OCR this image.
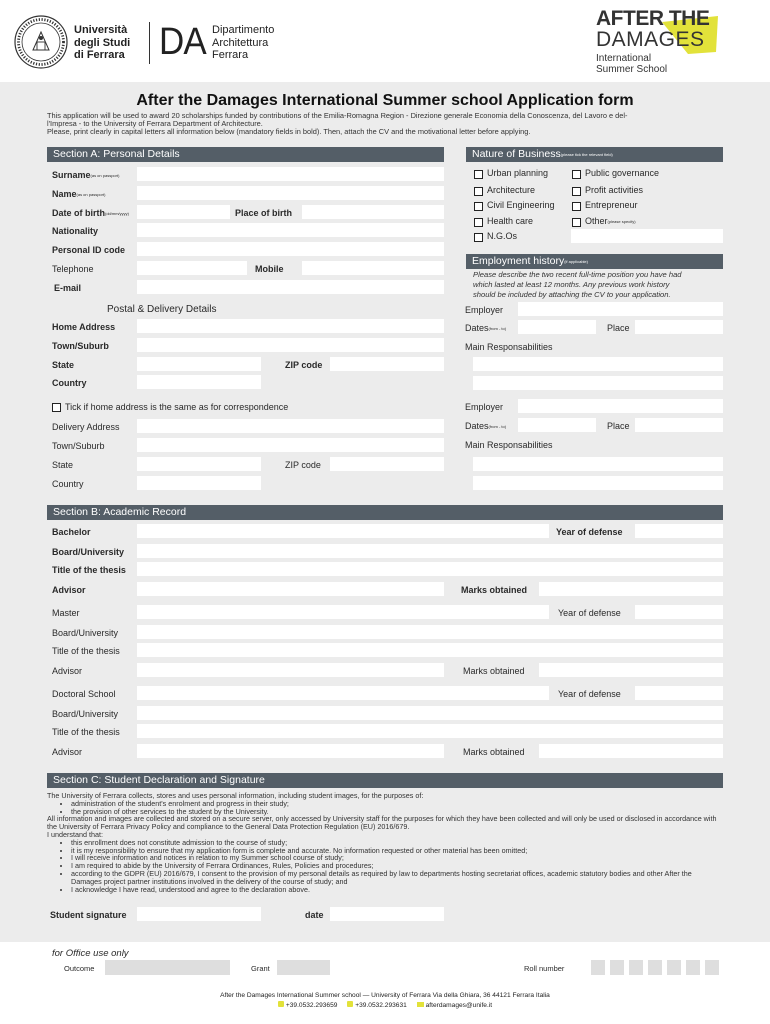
Università
degli Studi
di Ferrara DA Dipartimento
Architettura
Ferrara
AFTER THE
DAMAGES
International
Summer School
After the Damages International Summer school Application form
This application will be used to award 20 scholarships funded by contributions of the Emilia-Romagna Region - Direzione generale Economia della Conoscenza, del Lavoro e del-
l'Impresa - to the University of Ferrara Department of Architecture.
Please, print clearly in capital letters all information below (mandatory fields in bold). Then, attach the CV and the motivational letter before applying.
Section A: Personal Details
Surname$^{(as on passport)}$
Name$^{(as on passport)}$
Date of birth$^{(dd/mm/yyyy)}$	Place of birth
Nationality
Personal ID code
Telephone	Mobile
E-mail
Postal & Delivery Details
Home Address
Town/Suburb
State	ZIP code
Country
Tick if home address is the same as for correspondence
Delivery Address
Town/Suburb
State	ZIP code
Country
Nature of Business$^{(please tick the relevant field)}$
Urban planning	Public governance
Architecture	Profit activities
Civil Engineering	Entrepreneur
Health care	Other$^{(please specify)}$
N.G.Os
Employment history$^{(if applicable)}$
Please describe the two recent full-time position you have had
which lasted at least 12 months. Any previous work history
should be included by attaching the CV to your application.
Employer
Dates$^{(from - to)}$	Place
Main Responsabilities
Employer
Dates$^{(from - to)}$	Place
Main Responsabilities
Section B: Academic Record
Bachelor	Year of defense
Board/University
Title of the thesis
Advisor	Marks obtained
Master	Year of defense
Board/University
Title of the thesis
Advisor	Marks obtained
Doctoral School	Year of defense
Board/University
Title of the thesis
Advisor	Marks obtained
Section C: Student Declaration and Signature
The University of Ferrara collects, stores and uses personal information, including student images, for the purposes of:
• administration of the student's enrolment and progress in their study;
• the provision of other services to the student by the University.
All information and images are collected and stored on a secure server, only accessed by University staff for the purposes for which they have been collected and will only be used or disclosed in accordance with the University of Ferrara Privacy Policy and compliance to the General Data Protection Regulation (EU) 2016/679.
I understand that:
• this enrollment does not constitute admission to the course of study;
• it is my responsibility to ensure that my application form is complete and accurate. No information requested or other material has been omitted;
• I will receive information and notices in relation to my Summer school course of study;
• I am required to abide by the University of Ferrara Ordinances, Rules, Policies and procedures;
• according to the GDPR (EU) 2016/679, I consent to the provision of my personal details as required by law to departments hosting secretariat offices, academic statutory bodies and other After the Damages project partner institutions involved in the delivery of the course of study; and
• I acknowledge I have read, understood and agree to the declaration above.
Student signature	date
for Office use only
Outcome	Grant	Roll number
After the Damages International Summer school — University of Ferrara Via della Ghiara, 36 44121 Ferrara Italia
+39.0532.293659	+39.0532.293631	afterdamages@unife.it
